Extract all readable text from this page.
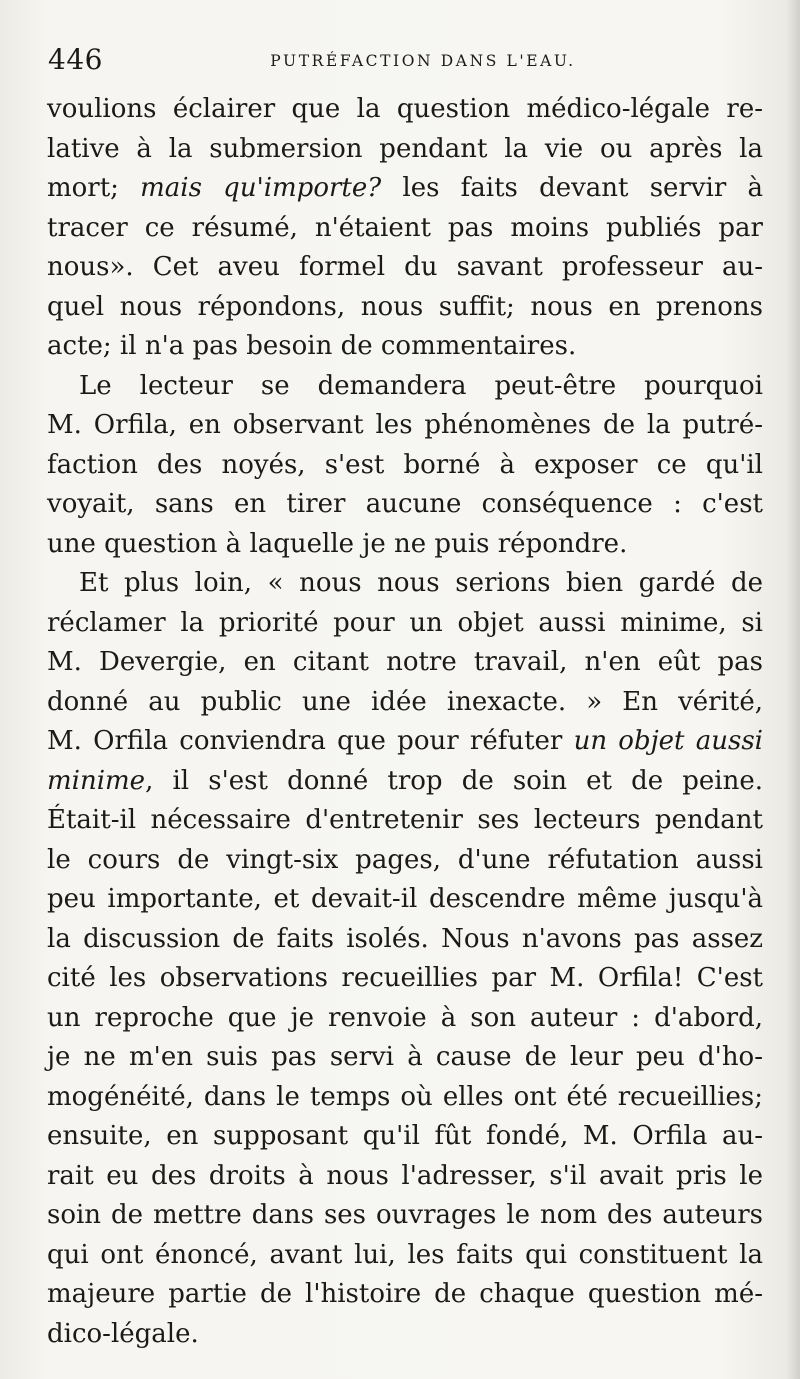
446	PUTRÉFACTION DANS L'EAU.
voulions éclairer que la question médico-légale re-
lative à la submersion pendant la vie ou après la
mort; mais qu'importe? les faits devant servir à
tracer ce résumé, n'étaient pas moins publiés par
nous». Cet aveu formel du savant professeur au-
quel nous répondons, nous suffit; nous en prenons
acte; il n'a pas besoin de commentaires.
Le lecteur se demandera peut-être pourquoi
M. Orfila, en observant les phénomènes de la putré-
faction des noyés, s'est borné à exposer ce qu'il
voyait, sans en tirer aucune conséquence : c'est
une question à laquelle je ne puis répondre.
Et plus loin, « nous nous serions bien gardé de
réclamer la priorité pour un objet aussi minime, si
M. Devergie, en citant notre travail, n'en eût pas
donné au public une idée inexacte. » En vérité,
M. Orfila conviendra que pour réfuter un objet aussi
minime, il s'est donné trop de soin et de peine.
Était-il nécessaire d'entretenir ses lecteurs pendant
le cours de vingt-six pages, d'une réfutation aussi
peu importante, et devait-il descendre même jusqu'à
la discussion de faits isolés. Nous n'avons pas assez
cité les observations recueillies par M. Orfila! C'est
un reproche que je renvoie à son auteur : d'abord,
je ne m'en suis pas servi à cause de leur peu d'ho-
mogénéité, dans le temps où elles ont été recueillies;
ensuite, en supposant qu'il fût fondé, M. Orfila au-
rait eu des droits à nous l'adresser, s'il avait pris le
soin de mettre dans ses ouvrages le nom des auteurs
qui ont énoncé, avant lui, les faits qui constituent la
majeure partie de l'histoire de chaque question mé-
dico-légale.
